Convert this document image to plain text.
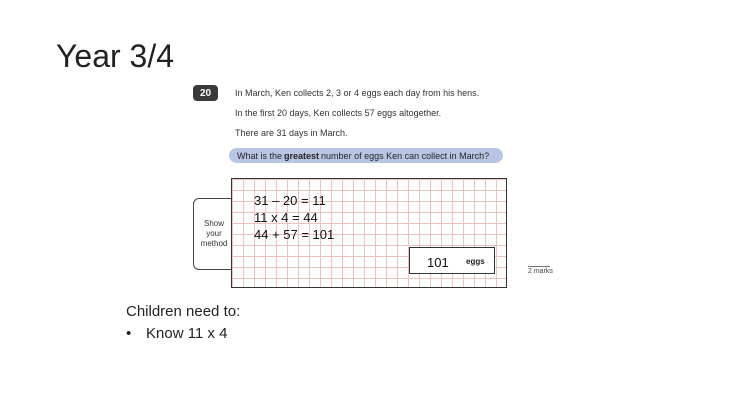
Year 3/4
20	In March, Ken collects 2, 3 or 4 eggs each day from his hens.
In the first 20 days, Ken collects 57 eggs altogether.
There are 31 days in March.
What is the greatest number of eggs Ken can collect in March?
Show
your
method
31 – 20 = 11
11 x 4 = 44
44 + 57 = 101
101 eggs
2 marks
Children need to:
• Know 11 x 4
